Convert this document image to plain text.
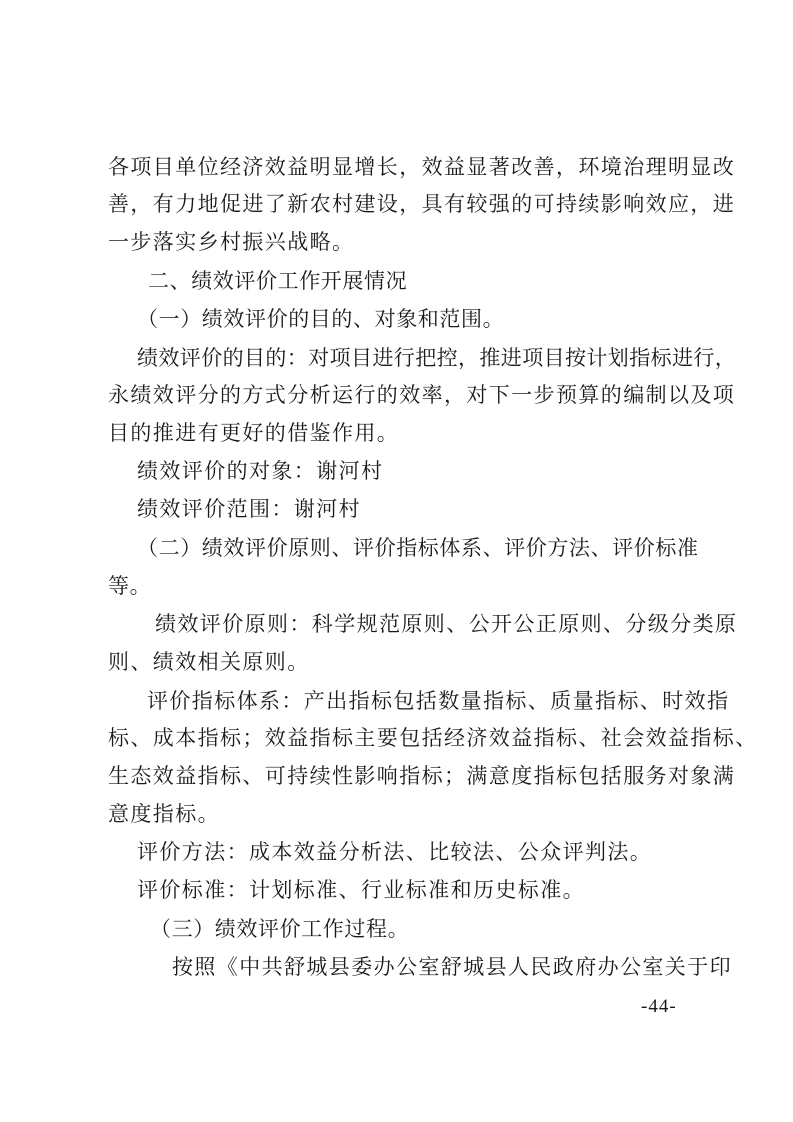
各项目单位经济效益明显增长，效益显著改善，环境治理明显改
善，有力地促进了新农村建设，具有较强的可持续影响效应，进
一步落实乡村振兴战略。
二、绩效评价工作开展情况
（一）绩效评价的目的、对象和范围。
绩效评价的目的：对项目进行把控，推进项目按计划指标进行，
永绩效评分的方式分析运行的效率，对下一步预算的编制以及项
目的推进有更好的借鉴作用。
绩效评价的对象：谢河村
绩效评价范围：谢河村
（二）绩效评价原则、评价指标体系、评价方法、评价标准
等。
绩效评价原则：科学规范原则、公开公正原则、分级分类原
则、绩效相关原则。
评价指标体系：产出指标包括数量指标、质量指标、时效指
标、成本指标；效益指标主要包括经济效益指标、社会效益指标、
生态效益指标、可持续性影响指标；满意度指标包括服务对象满
意度指标。
评价方法：成本效益分析法、比较法、公众评判法。
评价标准：计划标准、行业标准和历史标准。
（三）绩效评价工作过程。
按照《中共舒城县委办公室舒城县人民政府办公室关于印
-44-
